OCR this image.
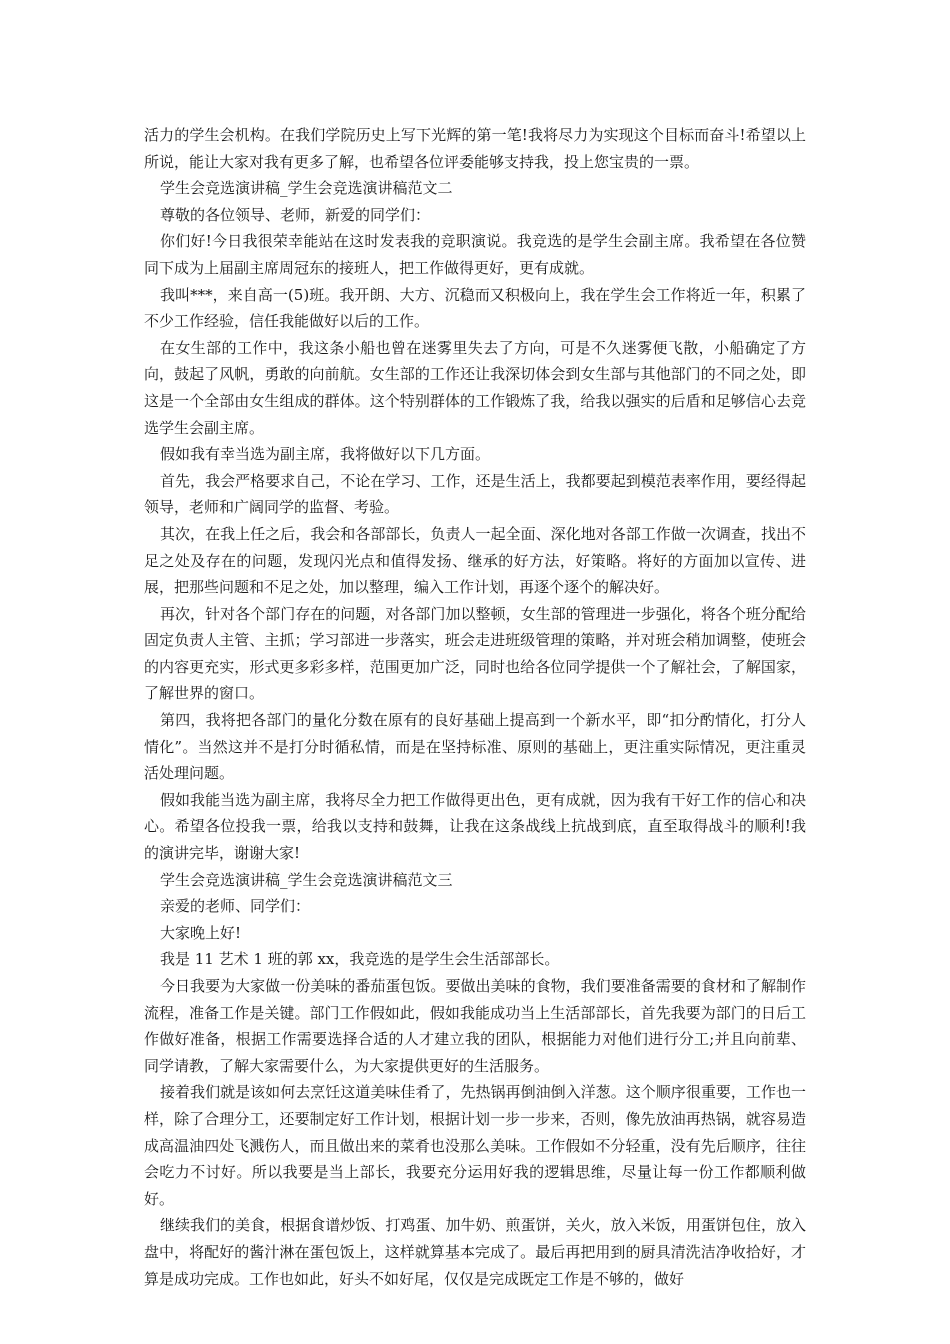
活力的学生会机构。在我们学院历史上写下光辉的第一笔!我将尽力为实现这个目标而奋斗!希望以上所说，能让大家对我有更多了解，也希望各位评委能够支持我，投上您宝贵的一票。

学生会竞选演讲稿_学生会竞选演讲稿范文二

尊敬的各位领导、老师，新爱的同学们：

你们好!今日我很荣幸能站在这时发表我的竞职演说。我竞选的是学生会副主席。我希望在各位赞同下成为上届副主席周冠东的接班人，把工作做得更好，更有成就。

我叫***，来自高一(5)班。我开朗、大方、沉稳而又积极向上，我在学生会工作将近一年，积累了不少工作经验，信任我能做好以后的工作。

在女生部的工作中，我这条小船也曾在迷雾里失去了方向，可是不久迷雾便飞散，小船确定了方向，鼓起了风帆，勇敢的向前航。女生部的工作还让我深切体会到女生部与其他部门的不同之处，即这是一个全部由女生组成的群体。这个特别群体的工作锻炼了我，给我以强实的后盾和足够信心去竞选学生会副主席。

假如我有幸当选为副主席，我将做好以下几方面。

首先，我会严格要求自己，不论在学习、工作，还是生活上，我都要起到模范表率作用，要经得起领导，老师和广阔同学的监督、考验。

其次，在我上任之后，我会和各部部长，负责人一起全面、深化地对各部工作做一次调查，找出不足之处及存在的问题，发现闪光点和值得发扬、继承的好方法，好策略。将好的方面加以宣传、进展，把那些问题和不足之处，加以整理，编入工作计划，再逐个逐个的解决好。

再次，针对各个部门存在的问题，对各部门加以整顿，女生部的管理进一步强化，将各个班分配给固定负责人主管、主抓；学习部进一步落实，班会走进班级管理的策略，并对班会稍加调整，使班会的内容更充实，形式更多彩多样，范围更加广泛，同时也给各位同学提供一个了解社会，了解国家，了解世界的窗口。

第四，我将把各部门的量化分数在原有的良好基础上提高到一个新水平，即“扣分酌情化，打分人情化”。当然这并不是打分时循私情，而是在坚持标准、原则的基础上，更注重实际情况，更注重灵活处理问题。

假如我能当选为副主席，我将尽全力把工作做得更出色，更有成就，因为我有干好工作的信心和决心。希望各位投我一票，给我以支持和鼓舞，让我在这条战线上抗战到底，直至取得战斗的顺利!我的演讲完毕，谢谢大家!

学生会竞选演讲稿_学生会竞选演讲稿范文三

亲爱的老师、同学们：

大家晚上好!

我是 11 艺术 1 班的郭 xx，我竞选的是学生会生活部部长。

今日我要为大家做一份美味的番茄蛋包饭。要做出美味的食物，我们要准备需要的食材和了解制作流程，准备工作是关键。部门工作假如此，假如我能成功当上生活部部长，首先我要为部门的日后工作做好准备，根据工作需要选择合适的人才建立我的团队，根据能力对他们进行分工;并且向前辈、同学请教，了解大家需要什么，为大家提供更好的生活服务。

接着我们就是该如何去烹饪这道美味佳肴了，先热锅再倒油倒入洋葱。这个顺序很重要，工作也一样，除了合理分工，还要制定好工作计划，根据计划一步一步来，否则，像先放油再热锅，就容易造成高温油四处飞溅伤人，而且做出来的菜肴也没那么美味。工作假如不分轻重，没有先后顺序，往往会吃力不讨好。所以我要是当上部长，我要充分运用好我的逻辑思维，尽量让每一份工作都顺利做好。

继续我们的美食，根据食谱炒饭、打鸡蛋、加牛奶、煎蛋饼，关火，放入米饭，用蛋饼包住，放入盘中，将配好的酱汁淋在蛋包饭上，这样就算基本完成了。最后再把用到的厨具清洗洁净收拾好，才算是成功完成。工作也如此，好头不如好尾，仅仅是完成既定工作是不够的，做好
